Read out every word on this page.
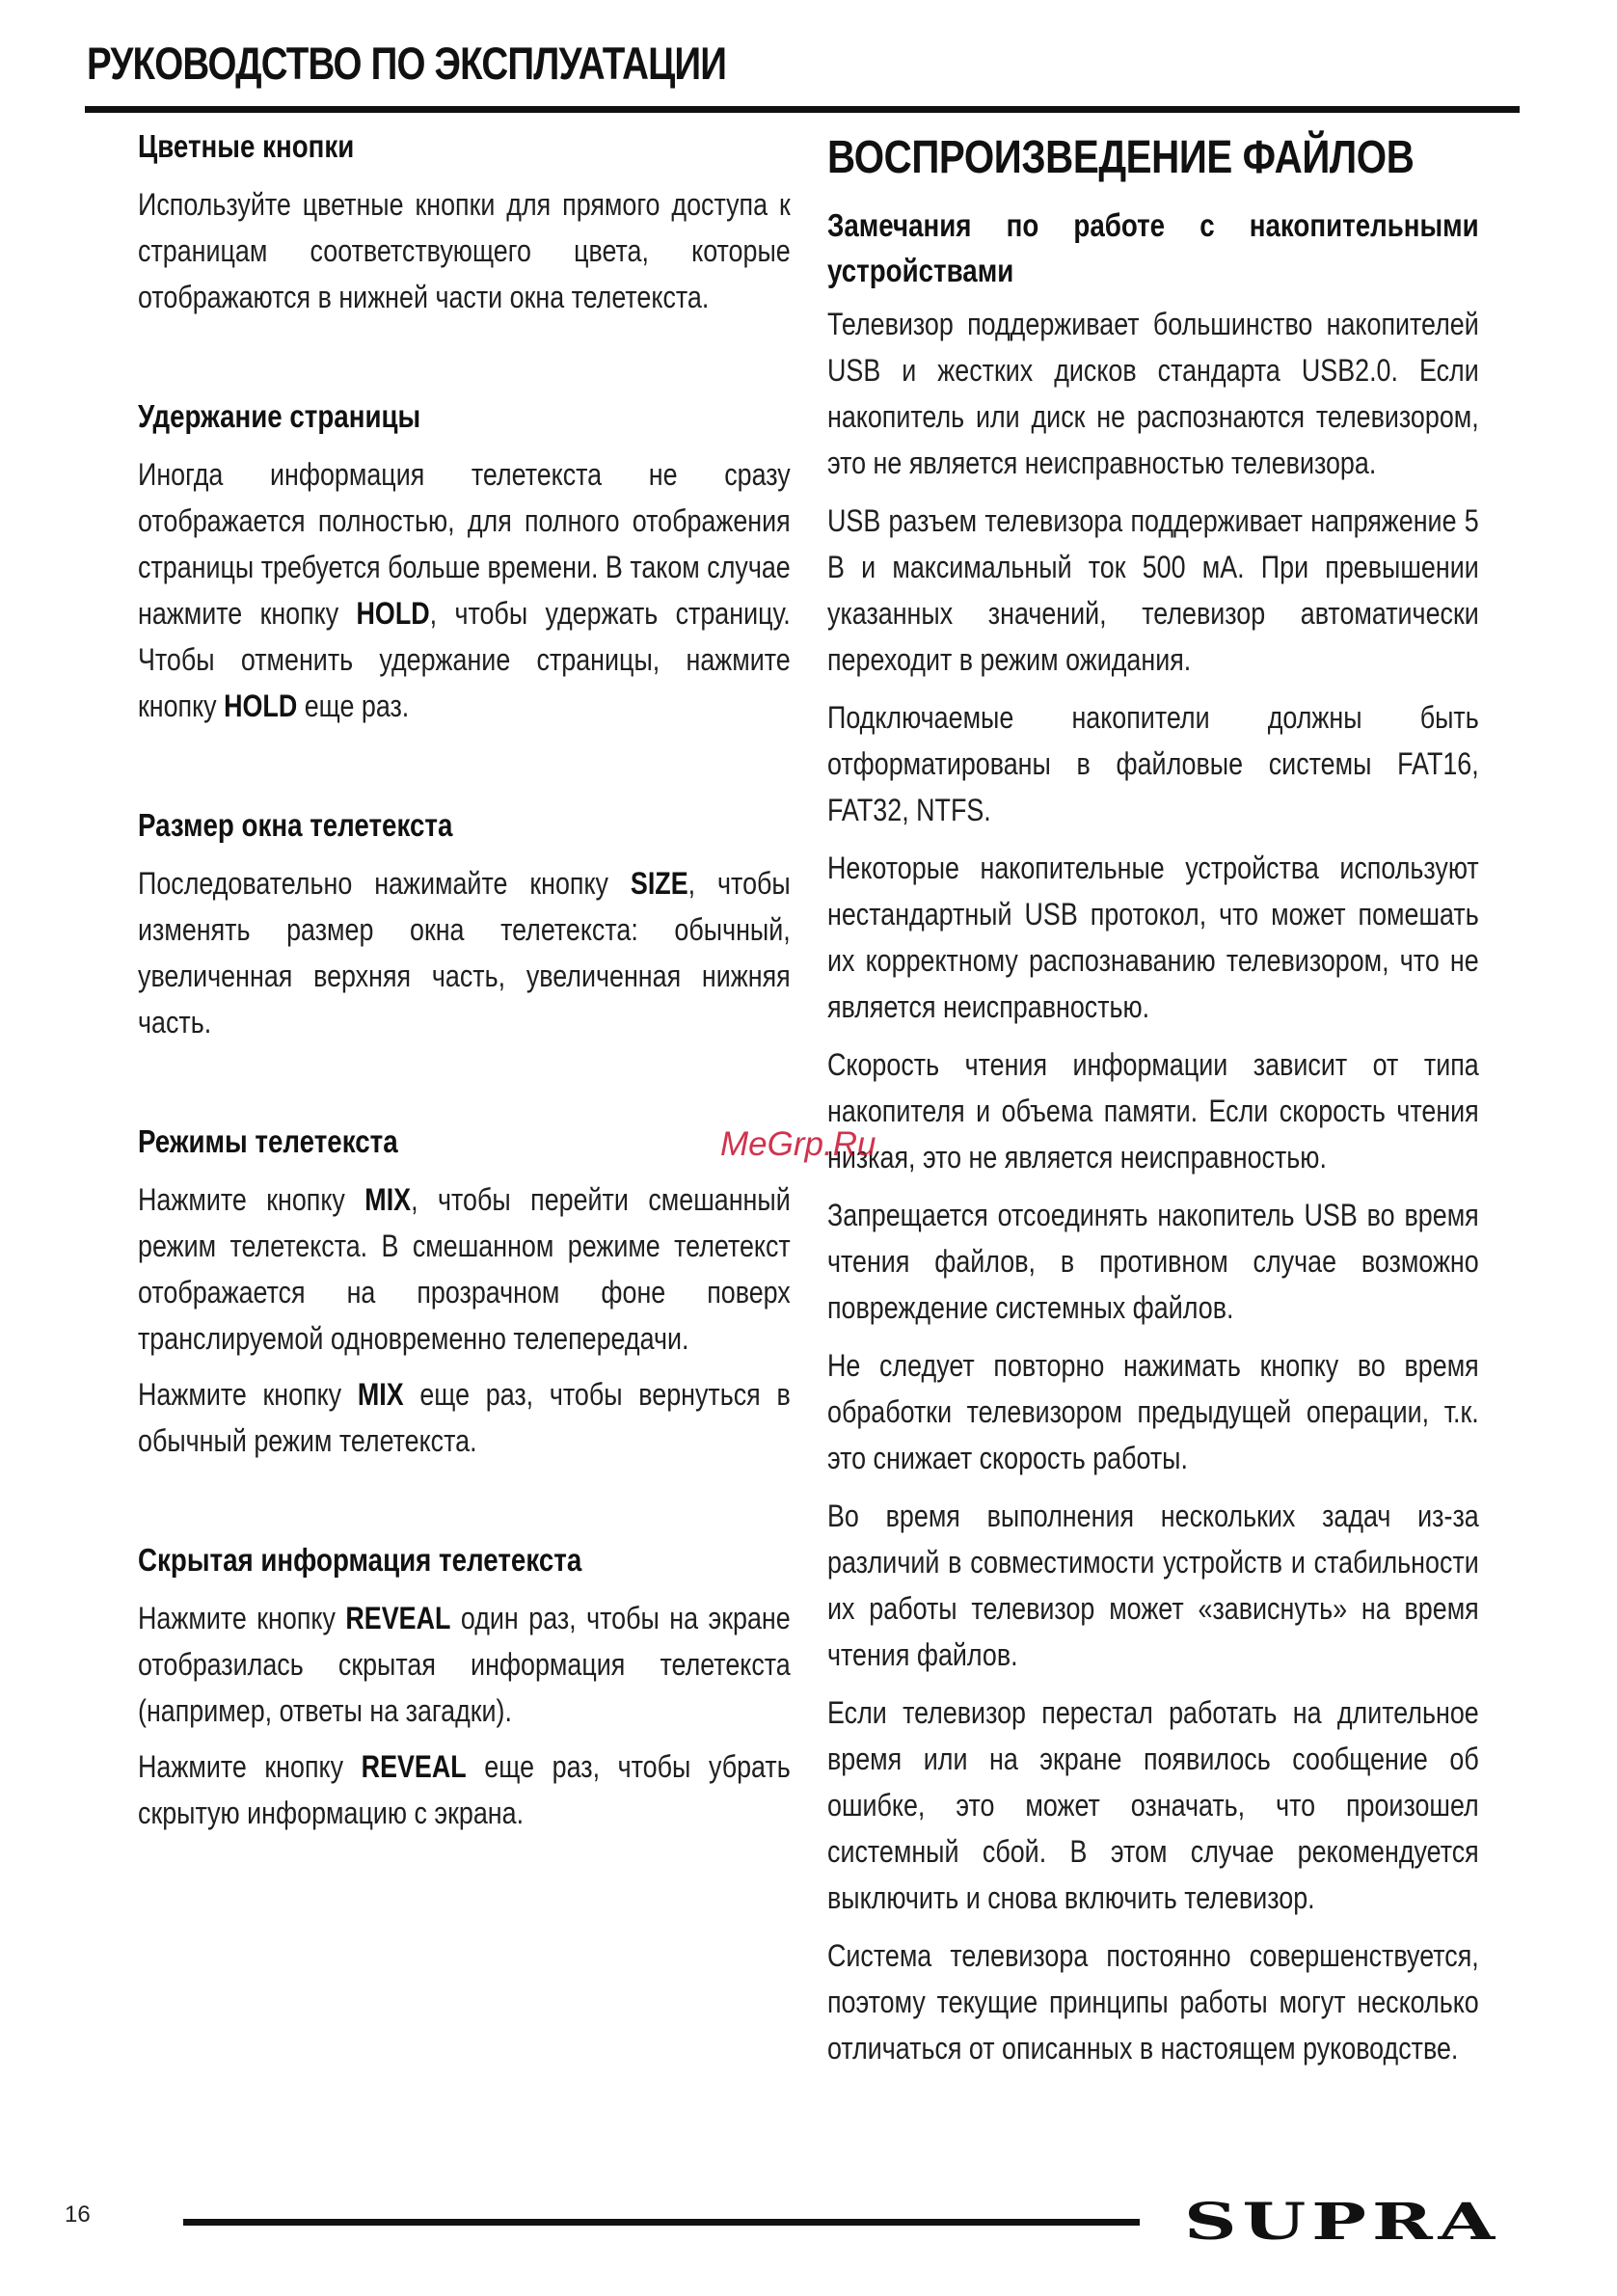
РУКОВОДСТВО ПО ЭКСПЛУАТАЦИИ
Цветные кнопки

Используйте цветные кнопки для прямого доступа к страницам соответствующего цвета, которые отображаются в нижней части окна телетекста.

Удержание страницы

Иногда информация телетекста не сразу отображается полностью, для полного отображения страницы требуется больше времени. В таком случае нажмите кнопку HOLD, чтобы удержать страницу. Чтобы отменить удержание страницы, нажмите кнопку HOLD еще раз.

Размер окна телетекста

Последовательно нажимайте кнопку SIZE, чтобы изменять размер окна телетекста: обычный, увеличенная верхняя часть, увеличенная нижняя часть.

Режимы телетекста

Нажмите кнопку MIX, чтобы перейти смешанный режим телетекста. В смешанном режиме телетекст отображается на прозрачном фоне поверх транслируемой одновременно телепередачи.

Нажмите кнопку MIX еще раз, чтобы вернуться в обычный режим телетекста.

Скрытая информация телетекста

Нажмите кнопку REVEAL один раз, чтобы на экране отобразилась скрытая информация телетекста (например, ответы на загадки).

Нажмите кнопку REVEAL еще раз, чтобы убрать скрытую информацию с экрана.

ВОСПРОИЗВЕДЕНИЕ ФАЙЛОВ
Замечания по работе с накопительными устройствами

Телевизор поддерживает большинство накопителей USB и жестких дисков стандарта USB2.0. Если накопитель или диск не распознаются телевизором, это не является неисправностью телевизора.

USB разъем телевизора поддерживает напряжение 5 В и максимальный ток 500 мА. При превышении указанных значений, телевизор автоматически переходит в режим ожидания.

Подключаемые накопители должны быть отформатированы в файловые системы FAT16, FAT32, NTFS.

Некоторые накопительные устройства используют нестандартный USB протокол, что может помешать их корректному распознаванию телевизором, что не является неисправностью.

Скорость чтения информации зависит от типа накопителя и объема памяти. Если скорость чтения низкая, это не является неисправностью.

Запрещается отсоединять накопитель USB во время чтения файлов, в противном случае возможно повреждение системных файлов.

Не следует повторно нажимать кнопку во время обработки телевизором предыдущей операции, т.к. это снижает скорость работы.

Во время выполнения нескольких задач из-за различий в совместимости устройств и стабильности их работы телевизор может «зависнуть» на время чтения файлов.

Если телевизор перестал работать на длительное время или на экране появилось сообщение об ошибке, это может означать, что произошел системный сбой. В этом случае рекомендуется выключить и снова включить телевизор.

Система телевизора постоянно совершенствуется, поэтому текущие принципы работы могут несколько отличаться от описанных в настоящем руководстве.

MeGrp.Ru
16	SUPRA
